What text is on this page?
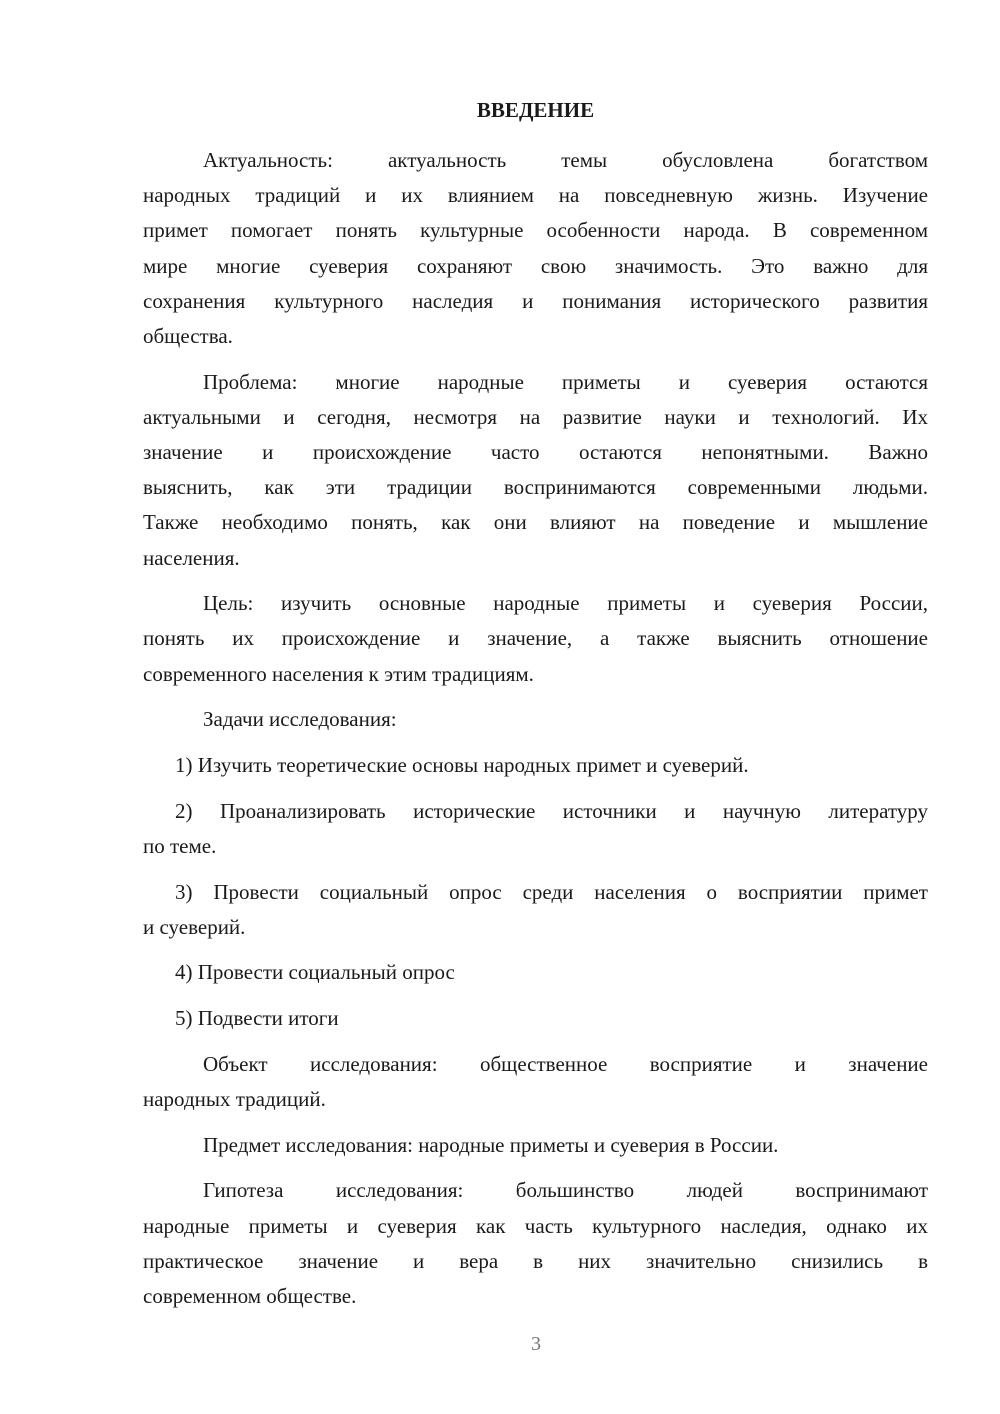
ВВЕДЕНИЕ
Актуальность: актуальность темы обусловлена богатством
народных традиций и их влиянием на повседневную жизнь. Изучение
примет помогает понять культурные особенности народа. В современном
мире многие суеверия сохраняют свою значимость. Это важно для
сохранения культурного наследия и понимания исторического развития
общества.
Проблема: многие народные приметы и суеверия остаются
актуальными и сегодня, несмотря на развитие науки и технологий. Их
значение и происхождение часто остаются непонятными. Важно
выяснить, как эти традиции воспринимаются современными людьми.
Также необходимо понять, как они влияют на поведение и мышление
населения.
Цель: изучить основные народные приметы и суеверия России,
понять их происхождение и значение, а также выяснить отношение
современного населения к этим традициям.
Задачи исследования:
1) Изучить теоретические основы народных примет и суеверий.
2) Проанализировать исторические источники и научную литературу
по теме.
3) Провести социальный опрос среди населения о восприятии примет
и суеверий.
4) Провести социальный опрос
5) Подвести итоги
Объект исследования: общественное восприятие и значение
народных традиций.
Предмет исследования: народные приметы и суеверия в России.
Гипотеза исследования: большинство людей воспринимают
народные приметы и суеверия как часть культурного наследия, однако их
практическое значение и вера в них значительно снизились в
современном обществе.
3
